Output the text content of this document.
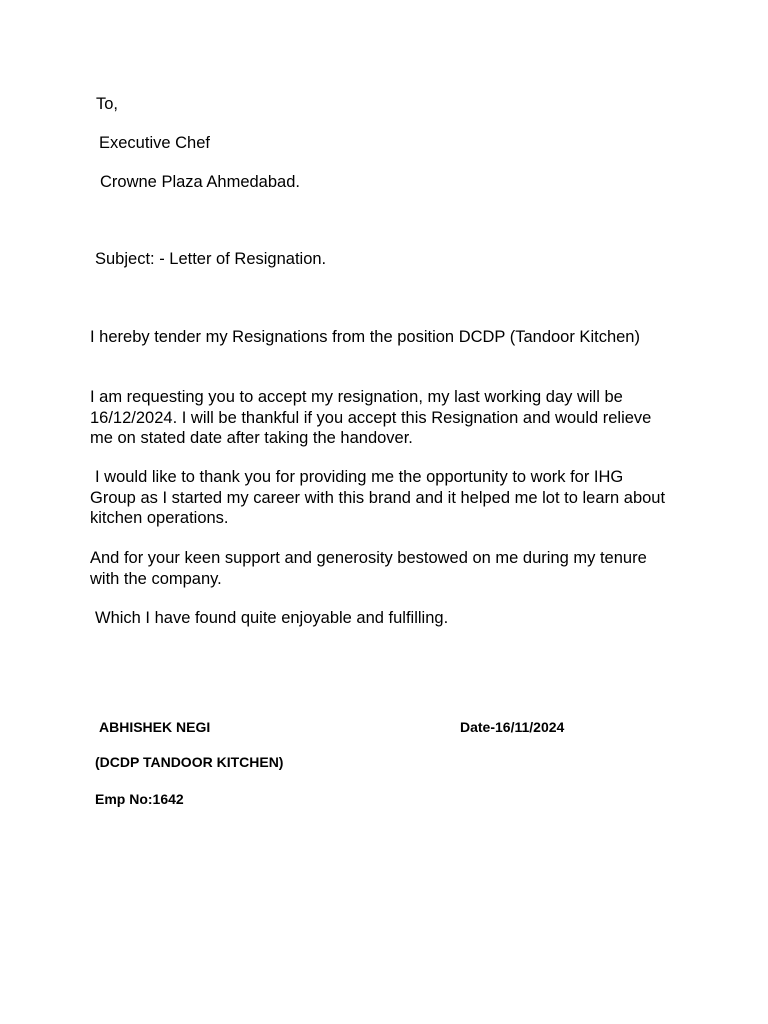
To,
Executive Chef
Crowne Plaza Ahmedabad.
Subject: - Letter of Resignation.

I hereby tender my Resignations from the position DCDP (Tandoor Kitchen)

I am requesting you to accept my resignation, my last working day will be 16/12/2024. I will be thankful if you accept this Resignation and would relieve me on stated date after taking the handover.

I would like to thank you for providing me the opportunity to work for IHG Group as I started my career with this brand and it helped me lot to learn about kitchen operations.

And for your keen support and generosity bestowed on me during my tenure with the company.

Which I have found quite enjoyable and fulfilling.

ABHISHEK NEGI	Date-16/11/2024
(DCDP TANDOOR KITCHEN)
Emp No:1642
